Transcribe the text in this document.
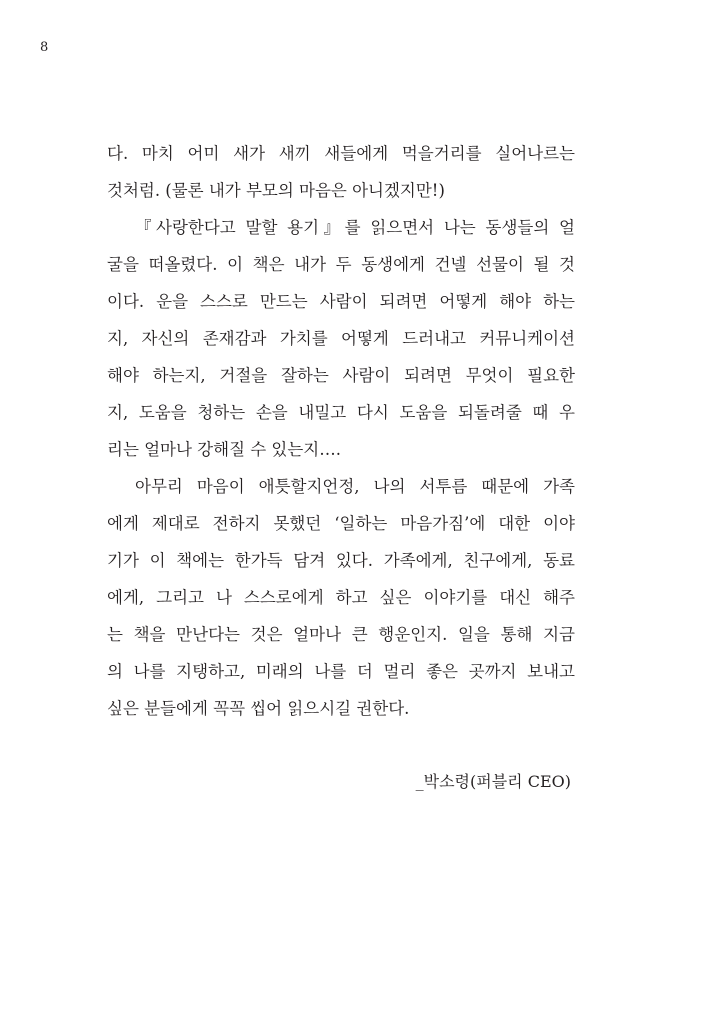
8
다. 마치 어미 새가 새끼 새들에게 먹을거리를 실어나르는
것처럼. (물론 내가 부모의 마음은 아니겠지만!)
『사랑한다고 말할 용기』를 읽으면서 나는 동생들의 얼
굴을 떠올렸다. 이 책은 내가 두 동생에게 건넬 선물이 될 것
이다. 운을 스스로 만드는 사람이 되려면 어떻게 해야 하는
지, 자신의 존재감과 가치를 어떻게 드러내고 커뮤니케이션
해야 하는지, 거절을 잘하는 사람이 되려면 무엇이 필요한
지, 도움을 청하는 손을 내밀고 다시 도움을 되돌려줄 때 우
리는 얼마나 강해질 수 있는지….
아무리 마음이 애틋할지언정, 나의 서투름 때문에 가족
에게 제대로 전하지 못했던 ‘일하는 마음가짐’에 대한 이야
기가 이 책에는 한가득 담겨 있다. 가족에게, 친구에게, 동료
에게, 그리고 나 스스로에게 하고 싶은 이야기를 대신 해주
는 책을 만난다는 것은 얼마나 큰 행운인지. 일을 통해 지금
의 나를 지탱하고, 미래의 나를 더 멀리 좋은 곳까지 보내고
싶은 분들에게 꼭꼭 씹어 읽으시길 권한다.
_박소령(퍼블리 CEO)
